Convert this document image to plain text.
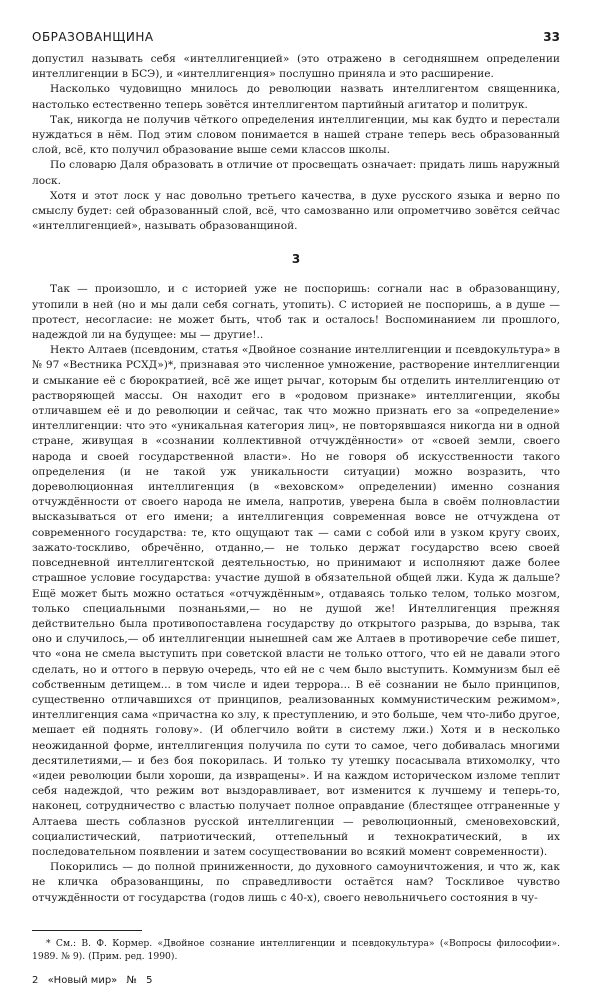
ОБРАЗОВАНЩИНА	33

допустил называть себя «интеллигенцией» (это отражено в сегодняшнем определении интеллигенции в БСЭ), и «интеллигенция» послушно приняла и это расширение.

Насколько чудовищно мнилось до революции назвать интеллигентом священника, настолько естественно теперь зовётся интеллигентом партийный агитатор и политрук.

Так, никогда не получив чёткого определения интеллигенции, мы как будто и перестали нуждаться в нём. Под этим словом понимается в нашей стране теперь весь образованный слой, всё, кто получил образование выше семи классов школы.

По словарю Даля образовать в отличие от просвещать означает: придать лишь наружный лоск.

Хотя и этот лоск у нас довольно третьего качества, в духе русского языка и верно по смыслу будет: сей образованный слой, всё, что самозванно или опрометчиво зовётся сейчас «интеллигенцией», называть образованщиной.

3

Так — произошло, и с историей уже не поспоришь: согнали нас в образованщину, утопили в ней (но и мы дали себя согнать, утопить). С историей не поспоришь, а в душе — протест, несогласие: не может быть, чтоб так и осталось! Воспоминанием ли прошлого, надеждой ли на будущее: мы — другие!..

Некто Алтаев (псевдоним, статья «Двойное сознание интеллигенции и псевдокультура» в № 97 «Вестника РСХД»)*, признавая это численное умножение, растворение интеллигенции и смыкание её с бюрократией, всё же ищет рычаг, которым бы отделить интеллигенцию от растворяющей массы. Он находит его в «родовом признаке» интеллигенции, якобы отличавшем её и до революции и сейчас, так что можно признать его за «определение» интеллигенции: что это «уникальная категория лиц», не повторявшаяся никогда ни в одной стране, живущая в «сознании коллективной отчуждённости» от «своей земли, своего народа и своей государственной власти». Но не говоря об искусственности такого определения (и не такой уж уникальности ситуации) можно возразить, что дореволюционная интеллигенция (в «веховском» определении) именно сознания отчуждённости от своего народа не имела, напротив, уверена была в своём полновластии высказываться от его имени; а интеллигенция современная вовсе не отчуждена от современного государства: те, кто ощущают так — сами с собой или в узком кругу своих, зажато-тоскливо, обречённо, отданно,— не только держат государство всею своей повседневной интеллигентской деятельностью, но принимают и исполняют даже более страшное условие государства: участие душой в обязательной общей лжи. Куда ж дальше? Ещё может быть можно остаться «отчуждённым», отдаваясь только телом, только мозгом, только специальными познаньями,— но не душой же! Интеллигенция прежняя действительно была противопоставлена государству до открытого разрыва, до взрыва, так оно и случилось,— об интеллигенции нынешней сам же Алтаев в противоречие себе пишет, что «она не смела выступить при советской власти не только оттого, что ей не давали этого сделать, но и оттого в первую очередь, что ей не с чем было выступить. Коммунизм был её собственным детищем... в том числе и идеи террора... В её сознании не было принципов, существенно отличавшихся от принципов, реализованных коммунистическим режимом», интеллигенция сама «причастна ко злу, к преступлению, и это больше, чем что-либо другое, мешает ей поднять голову». (И облегчило войти в систему лжи.) Хотя и в несколько неожиданной форме, интеллигенция получила по сути то самое, чего добивалась многими десятилетиями,— и без боя покорилась. И только ту утешку посасывала втихомолку, что «идеи революции были хороши, да извращены». И на каждом историческом изломе теплит себя надеждой, что режим вот выздоравливает, вот изменится к лучшему и теперь-то, наконец, сотрудничество с властью получает полное оправдание (блестящее отграненные у Алтаева шесть соблазнов русской интеллигенции — революционный, сменовеховский, социалистический, патриотический, оттепельный и технократический, в их последовательном появлении и затем сосуществовании во всякий момент современности).

Покорились — до полной приниженности, до духовного самоуничтожения, и что ж, как не кличка образованщины, по справедливости остаётся нам? Тоскливое чувство отчуждённости от государства (годов лишь с 40-х), своего невольничьего состояния в чу-

* См.: В. Ф. Кормер. «Двойное сознание интеллигенции и псевдокультура» («Вопросы философии». 1989. № 9). (Прим. ред. 1990).
2 «Новый мир» № 5
